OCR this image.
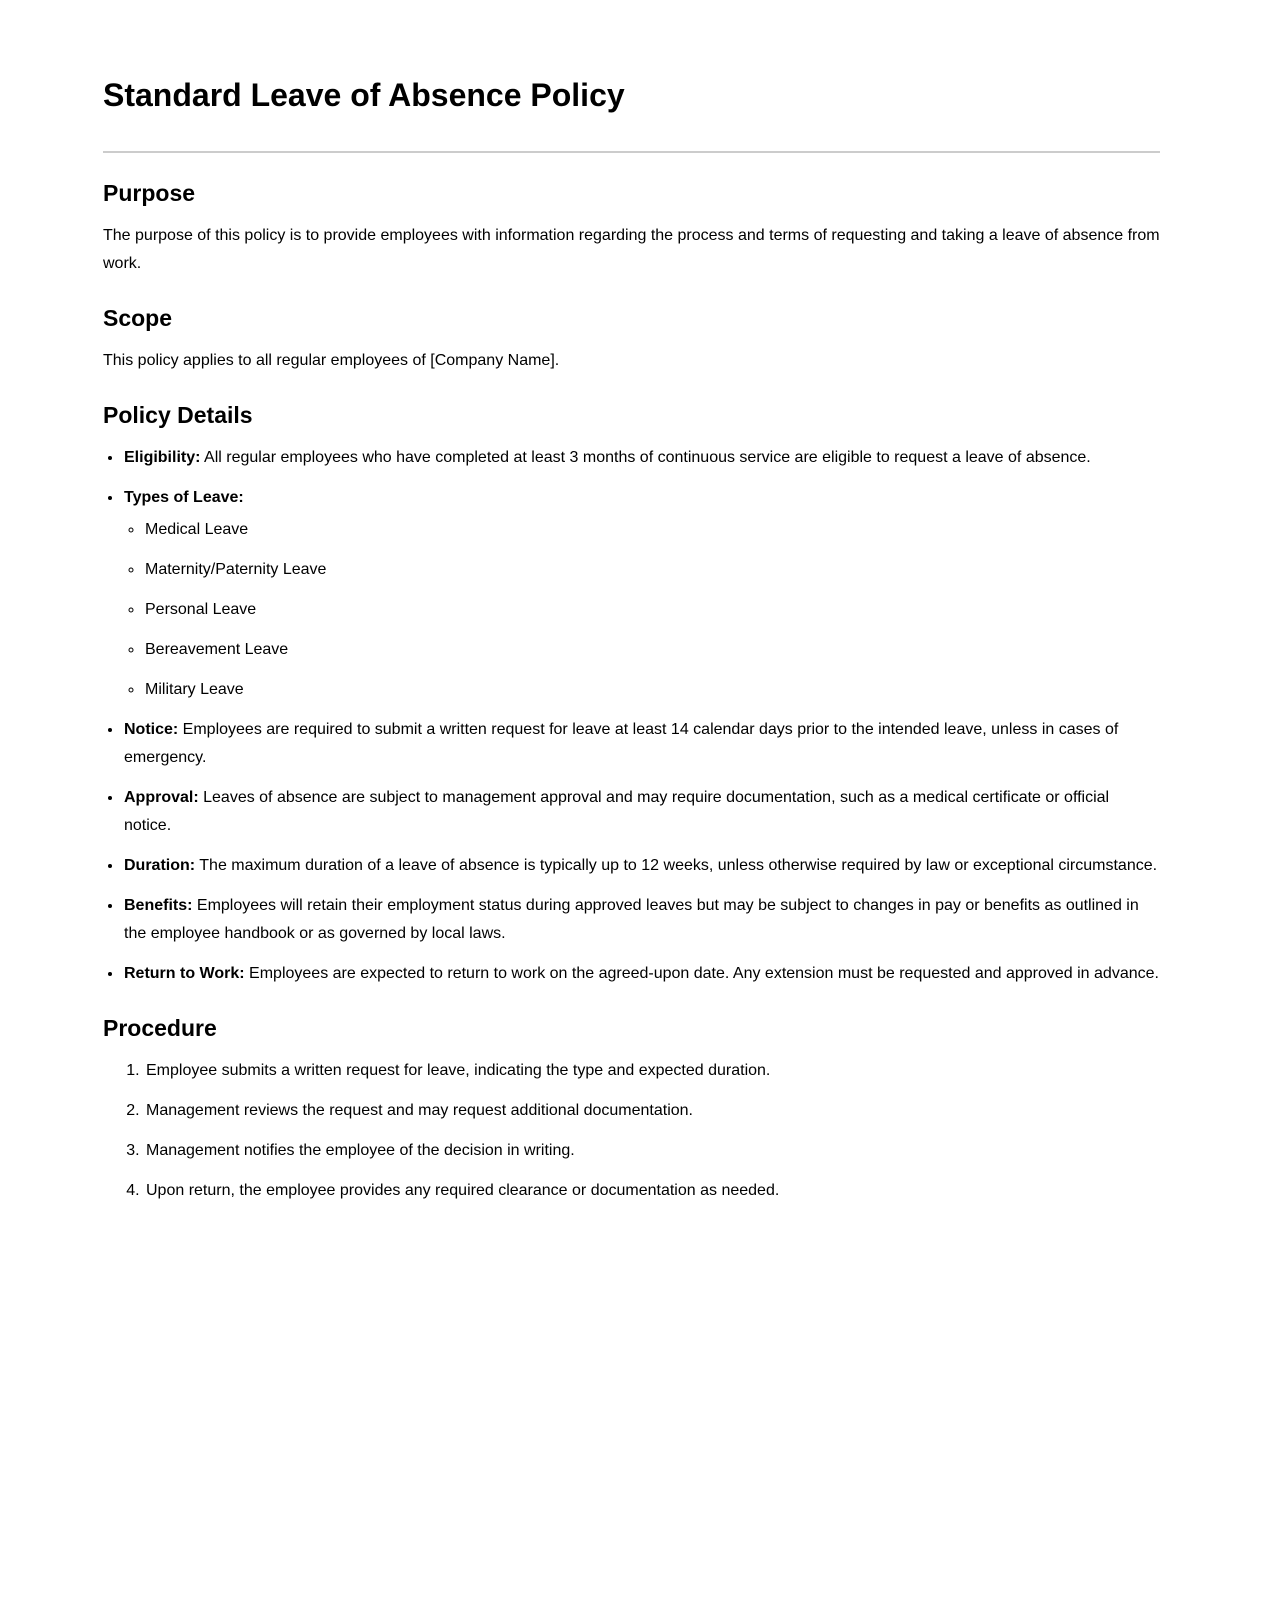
Standard Leave of Absence Policy
Purpose

The purpose of this policy is to provide employees with information regarding the process and terms of requesting and taking a leave of absence from work.

Scope

This policy applies to all regular employees of [Company Name].

Policy Details
• Eligibility: All regular employees who have completed at least 3 months of continuous service are eligible to request a leave of absence.
• Types of Leave:
◦ Medical Leave
◦ Maternity/Paternity Leave
◦ Personal Leave
◦ Bereavement Leave
◦ Military Leave
• Notice: Employees are required to submit a written request for leave at least 14 calendar days prior to the intended leave, unless in cases of emergency.
• Approval: Leaves of absence are subject to management approval and may require documentation, such as a medical certificate or official notice.
• Duration: The maximum duration of a leave of absence is typically up to 12 weeks, unless otherwise required by law or exceptional circumstance.
• Benefits: Employees will retain their employment status during approved leaves but may be subject to changes in pay or benefits as outlined in the employee handbook or as governed by local laws.
• Return to Work: Employees are expected to return to work on the agreed-upon date. Any extension must be requested and approved in advance.
Procedure
1. Employee submits a written request for leave, indicating the type and expected duration.
2. Management reviews the request and may request additional documentation.
3. Management notifies the employee of the decision in writing.
4. Upon return, the employee provides any required clearance or documentation as needed.
